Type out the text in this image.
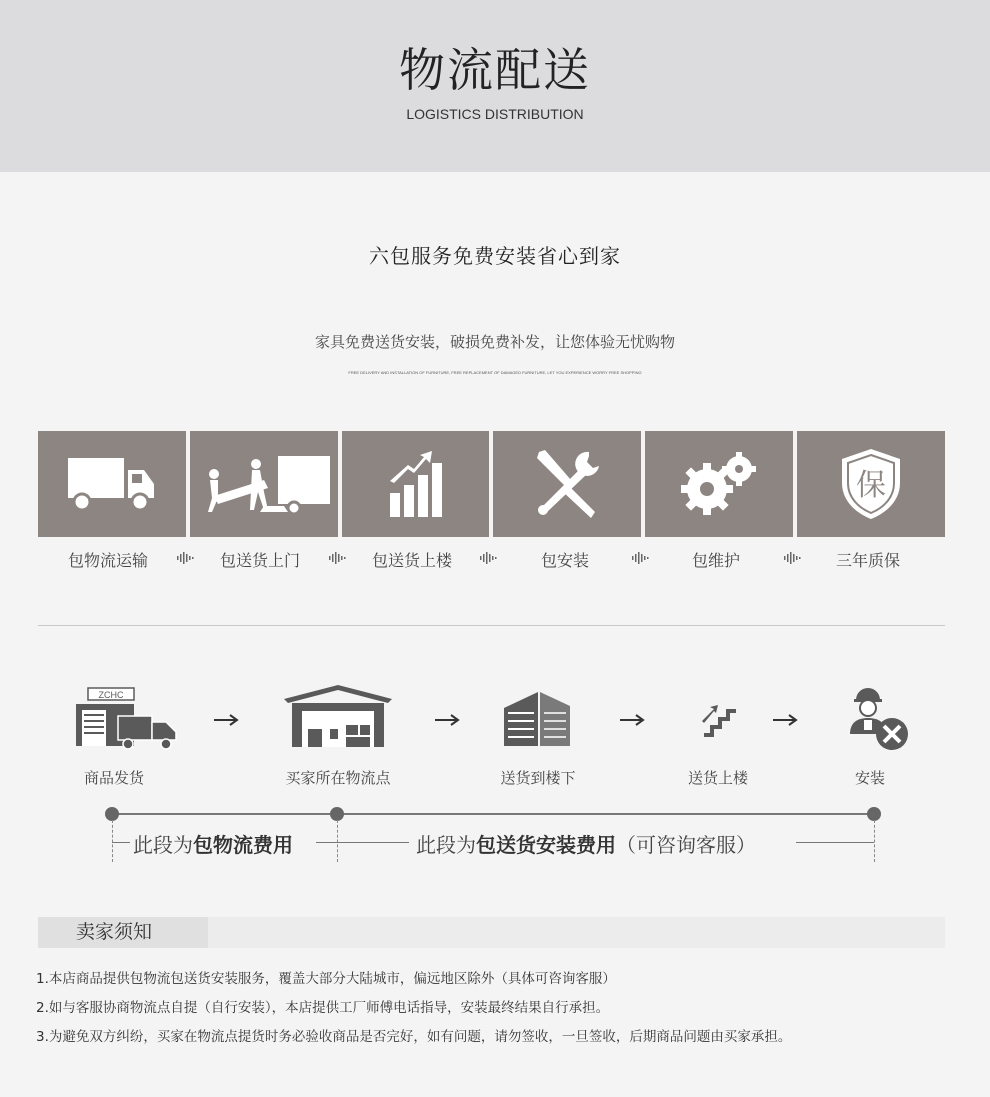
物流配送
LOGISTICS DISTRIBUTION
六包服务免费安装省心到家
家具免费送货安装，破损免费补发，让您体验无忧购物
FREE DELIVERY AND INSTALLATION OF FURNITURE, FREE REPLACEMENT OF DAMAGED FURNITURE, LET YOU EXPERIENCE WORRY FREE SHOPPING
保
包物流运输	包送货上门	包送货上楼	包安装	包维护	三年质保
ZCHC
商品发货	买家所在物流点	送货到楼下	送货上楼	安装
此段为包物流费用	此段为包送货安装费用（可咨询客服）
卖家须知
1.本店商品提供包物流包送货安装服务，覆盖大部分大陆城市，偏远地区除外（具体可咨询客服）
2.如与客服协商物流点自提（自行安装），本店提供工厂师傅电话指导，安装最终结果自行承担。
3.为避免双方纠纷，买家在物流点提货时务必验收商品是否完好，如有问题，请勿签收，一旦签收，后期商品问题由买家承担。
